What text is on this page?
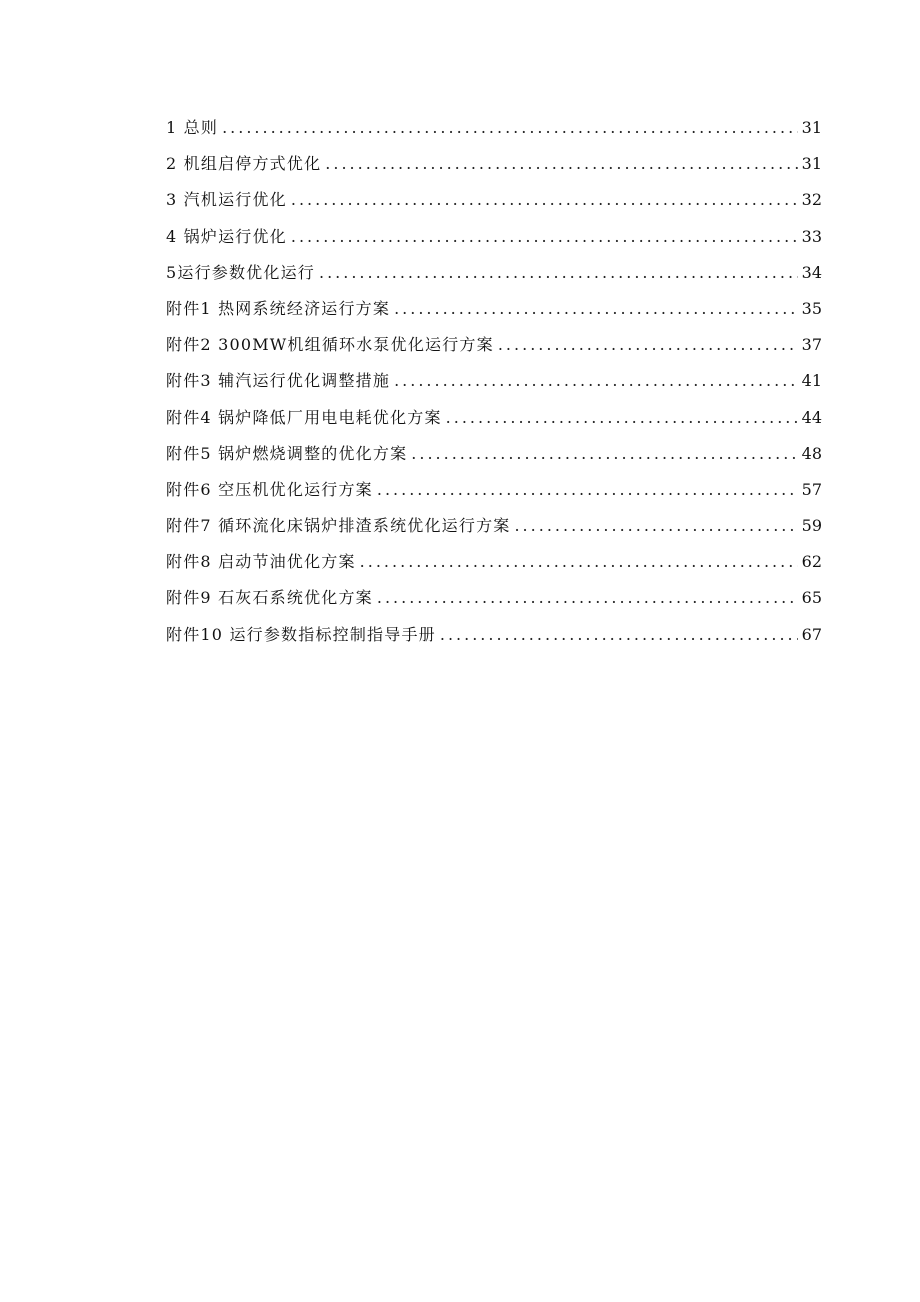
1 总则 .....	31
2 机组启停方式优化 .....	31
3 汽机运行优化 .....	32
4 锅炉运行优化 .....	33
5运行参数优化运行 .....	34
附件1 热网系统经济运行方案 .....	35
附件2 300MW机组循环水泵优化运行方案 .....	37
附件3 辅汽运行优化调整措施 .....	41
附件4 锅炉降低厂用电电耗优化方案 .....	44
附件5 锅炉燃烧调整的优化方案 .....	48
附件6 空压机优化运行方案 .....	57
附件7 循环流化床锅炉排渣系统优化运行方案 .....	59
附件8 启动节油优化方案 .....	62
附件9 石灰石系统优化方案 .....	65
附件10 运行参数指标控制指导手册 .....	67
